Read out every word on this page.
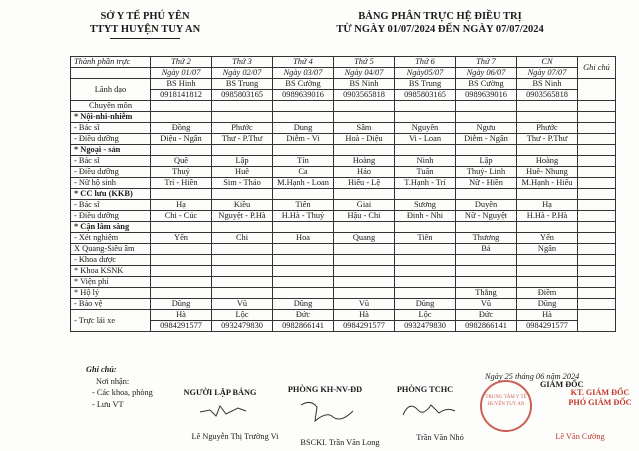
SỞ Y TẾ PHÚ YÊN
TTYT HUYỆN TUY AN
BẢNG PHÂN TRỰC HỆ ĐIỀU TRỊ
TỪ NGÀY 01/07/2024 ĐẾN NGÀY 07/07/2024
Thành phần trực	Thứ 2	Thứ 3	Thứ 4	Thứ 5	Thứ 6	Thứ 7	CN	Ghi chú
	Ngày 01/07	Ngày 02/07	Ngày 03/07	Ngày 04/07	Ngày05/07	Ngày 06/07	Ngày 07/07	
Lãnh đạo	BS Hinh	BS Trung	BS Cường	BS Ninh	BS Trung	BS Cường	BS Ninh	
	0918141812	0985803165	0989639016	0903565818	0985803165	0989639016	0903565818	
Chuyên môn								
* Nội-nhi-nhiễm								
- Bác sĩ	Đồng	Phước	Dung	Sâm	Nguyên	Ngưu	Phước	
- Điều dưỡng	Diệu - Ngân	Thư - P.Thư	Diễm - Vi	Hoà - Diệu	Vi - Loan	Diễm - Ngân	Thư - P.Thư	
* Ngoại - sản								
- Bác sĩ	Quê	Lập	Tín	Hoàng	Ninh	Lập	Hoàng	
- Điều dưỡng	Thuỷ	Huê	Ca	Hảo	Tuấn	Thuỷ- Linh	Huê- Nhung	
- Nữ hộ sinh	Trí - Hiền	Sim - Thảo	M.Hạnh - Loan	Hiếu - Lệ	T.Hạnh - Trí	Nữ - Hiền	M.Hạnh - Hiếu	
* CC lưu (KKB)								
- Bác sĩ	Hạ	Kiều	Tiến	Giai	Sương	Duyên	Hạ	
- Điều dưỡng	Chi - Cúc	Nguyệt - P.Hà	H.Hà - Thuỷ	Hậu - Chi	Đinh - Nhi	Nữ - Nguyệt	H.Hà - P.Hà	
* Cận lâm sàng								
- Xét nghiệm	Yến	Chi	Hoa	Quang	Tiên	Thương	Yến	
X Quang-Siêu âm						Bá	Ngân	
- Khoa dược								
* Khoa KSNK								
* Viện phí								
* Hộ lý						Thắng	Điềm	
- Bảo vệ	Dũng	Vũ	Dũng	Vũ	Dũng	Vũ	Dũng	
- Trực lái xe	Hà	Lộc	Đức	Hà	Lộc	Đức	Hà	
	0984291577	0932479830	0982866141	0984291577	0932479830	0982866141	0984291577	
Ghi chú:
Nơi nhận:
- Các khoa, phòng
- Lưu VT
NGƯỜI LẬP BẢNG
Lê Nguyễn Thị Trường Vi
PHÒNG KH-NV-ĐD
BSCKI. Trần Văn Long
PHÒNG TCHC
Trần Văn Nhỏ
Ngày 25 tháng 06 năm 2024
TRUNG TÂM Y TẾ HUYỆN TUY AN
GIÁM ĐỐC
KT. GIÁM ĐỐC
PHÓ GIÁM ĐỐC
Lê Văn Cường
